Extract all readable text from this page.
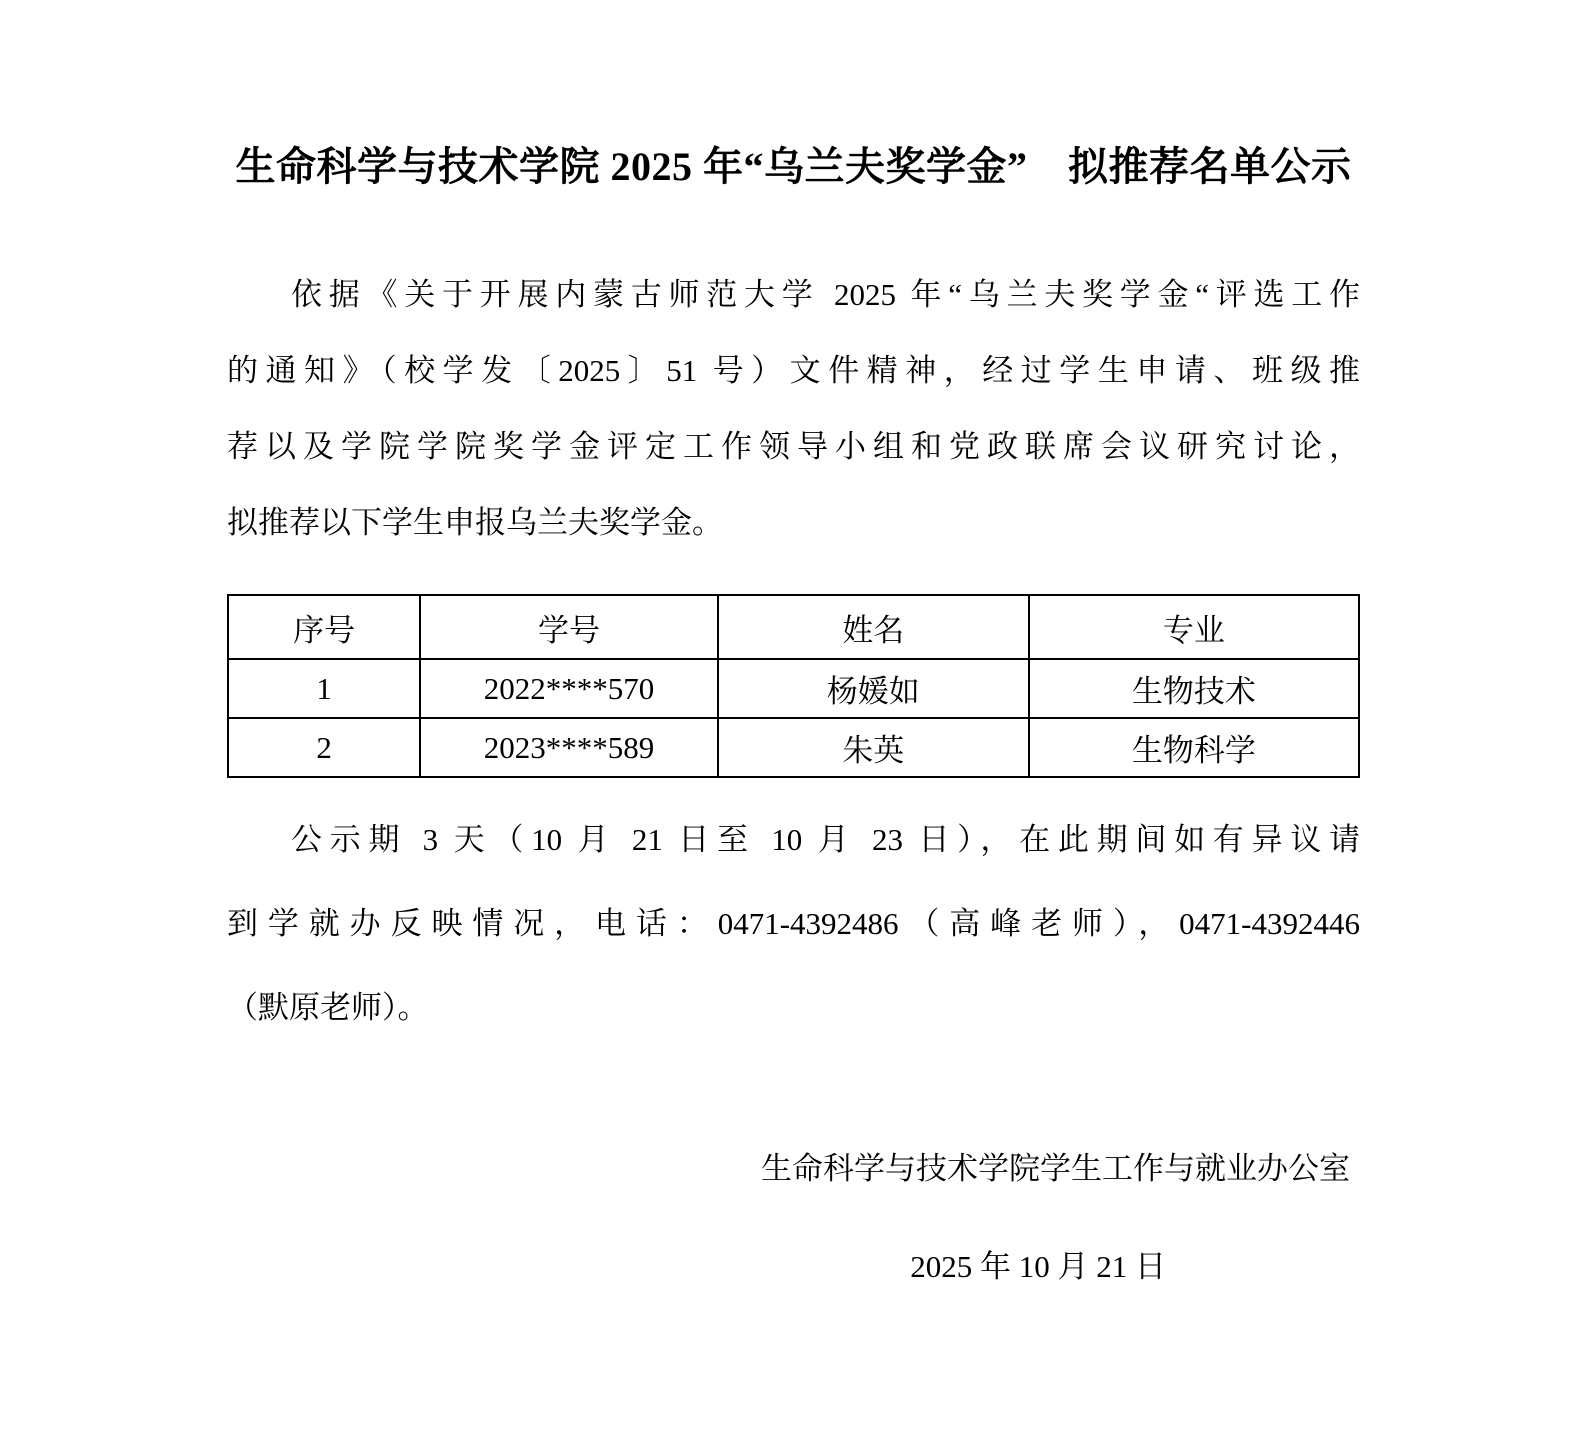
生命科学与技术学院 2025 年“乌兰夫奖学金”　拟推荐名单公示
依据《关于开展内蒙古师范大学 2025 年“乌兰夫奖学金“评选工作
的通知》（校学发〔2025〕51 号）文件精神，经过学生申请、班级推
荐以及学院学院奖学金评定工作领导小组和党政联席会议研究讨论，
拟推荐以下学生申报乌兰夫奖学金。
序号	学号	姓名	专业
1	2022****570	杨媛如	生物技术
2	2023****589	朱英	生物科学
公示期 3 天（10 月 21 日至 10 月 23 日），在此期间如有异议请
到学就办反映情况，电话：0471-4392486（高峰老师），0471-4392446
（默原老师）。
生命科学与技术学院学生工作与就业办公室
2025 年 10 月 21 日
